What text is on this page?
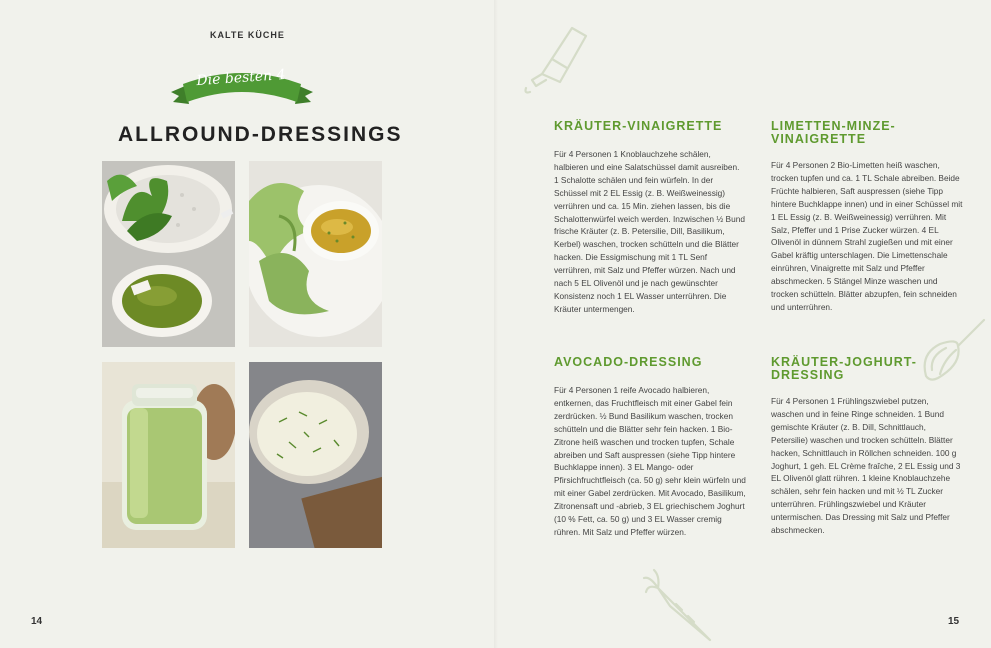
KALTE KÜCHE
Die besten 4
ALLROUND-DRESSINGS
14
KRÄUTER-VINAIGRETTE

Für 4 Personen 1 Knoblauchzehe schälen, halbieren und eine Salatschüssel damit ausreiben. 1 Schalotte schälen und fein würfeln. In der Schüssel mit 2 EL Essig (z. B. Weißweinessig) verrühren und ca. 15 Min. ziehen lassen, bis die Schalottenwürfel weich werden. Inzwischen ½ Bund frische Kräuter (z. B. Petersilie, Dill, Basilikum, Kerbel) waschen, trocken schütteln und die Blätter hacken. Die Essigmischung mit 1 TL Senf verrühren, mit Salz und Pfeffer würzen. Nach und nach 5 EL Olivenöl und je nach gewünschter Konsistenz noch 1 EL Wasser unterrühren. Die Kräuter untermengen.

LIMETTEN-MINZE-VINAIGRETTE

Für 4 Personen 2 Bio-Limetten heiß waschen, trocken tupfen und ca. 1 TL Schale abreiben. Beide Früchte halbieren, Saft auspressen (siehe Tipp hintere Buchklappe innen) und in einer Schüssel mit 1 EL Essig (z. B. Weißweinessig) verrühren. Mit Salz, Pfeffer und 1 Prise Zucker würzen. 4 EL Olivenöl in dünnem Strahl zugießen und mit einer Gabel kräftig unterschlagen. Die Limettenschale einrühren, Vinaigrette mit Salz und Pfeffer abschmecken. 5 Stängel Minze waschen und trocken schütteln. Blätter abzupfen, fein schneiden und unterrühren.

AVOCADO-DRESSING

Für 4 Personen 1 reife Avocado halbieren, entkernen, das Fruchtfleisch mit einer Gabel fein zerdrücken. ½ Bund Basilikum waschen, trocken schütteln und die Blätter sehr fein hacken. 1 Bio-Zitrone heiß waschen und trocken tupfen, Schale abreiben und Saft auspressen (siehe Tipp hintere Buchklappe innen). 3 EL Mango- oder Pfirsichfruchtfleisch (ca. 50 g) sehr klein würfeln und mit einer Gabel zerdrücken. Mit Avocado, Basilikum, Zitronensaft und -abrieb, 3 EL griechischem Joghurt (10 % Fett, ca. 50 g) und 3 EL Wasser cremig rühren. Mit Salz und Pfeffer würzen.

KRÄUTER-JOGHURT-DRESSING

Für 4 Personen 1 Frühlingszwiebel putzen, waschen und in feine Ringe schneiden. 1 Bund gemischte Kräuter (z. B. Dill, Schnittlauch, Petersilie) waschen und trocken schütteln. Blätter hacken, Schnittlauch in Röllchen schneiden. 100 g Joghurt, 1 geh. EL Crème fraîche, 2 EL Essig und 3 EL Olivenöl glatt rühren. 1 kleine Knoblauchzehe schälen, sehr fein hacken und mit ½ TL Zucker unterrühren. Frühlingszwiebel und Kräuter untermischen. Das Dressing mit Salz und Pfeffer abschmecken.

15
